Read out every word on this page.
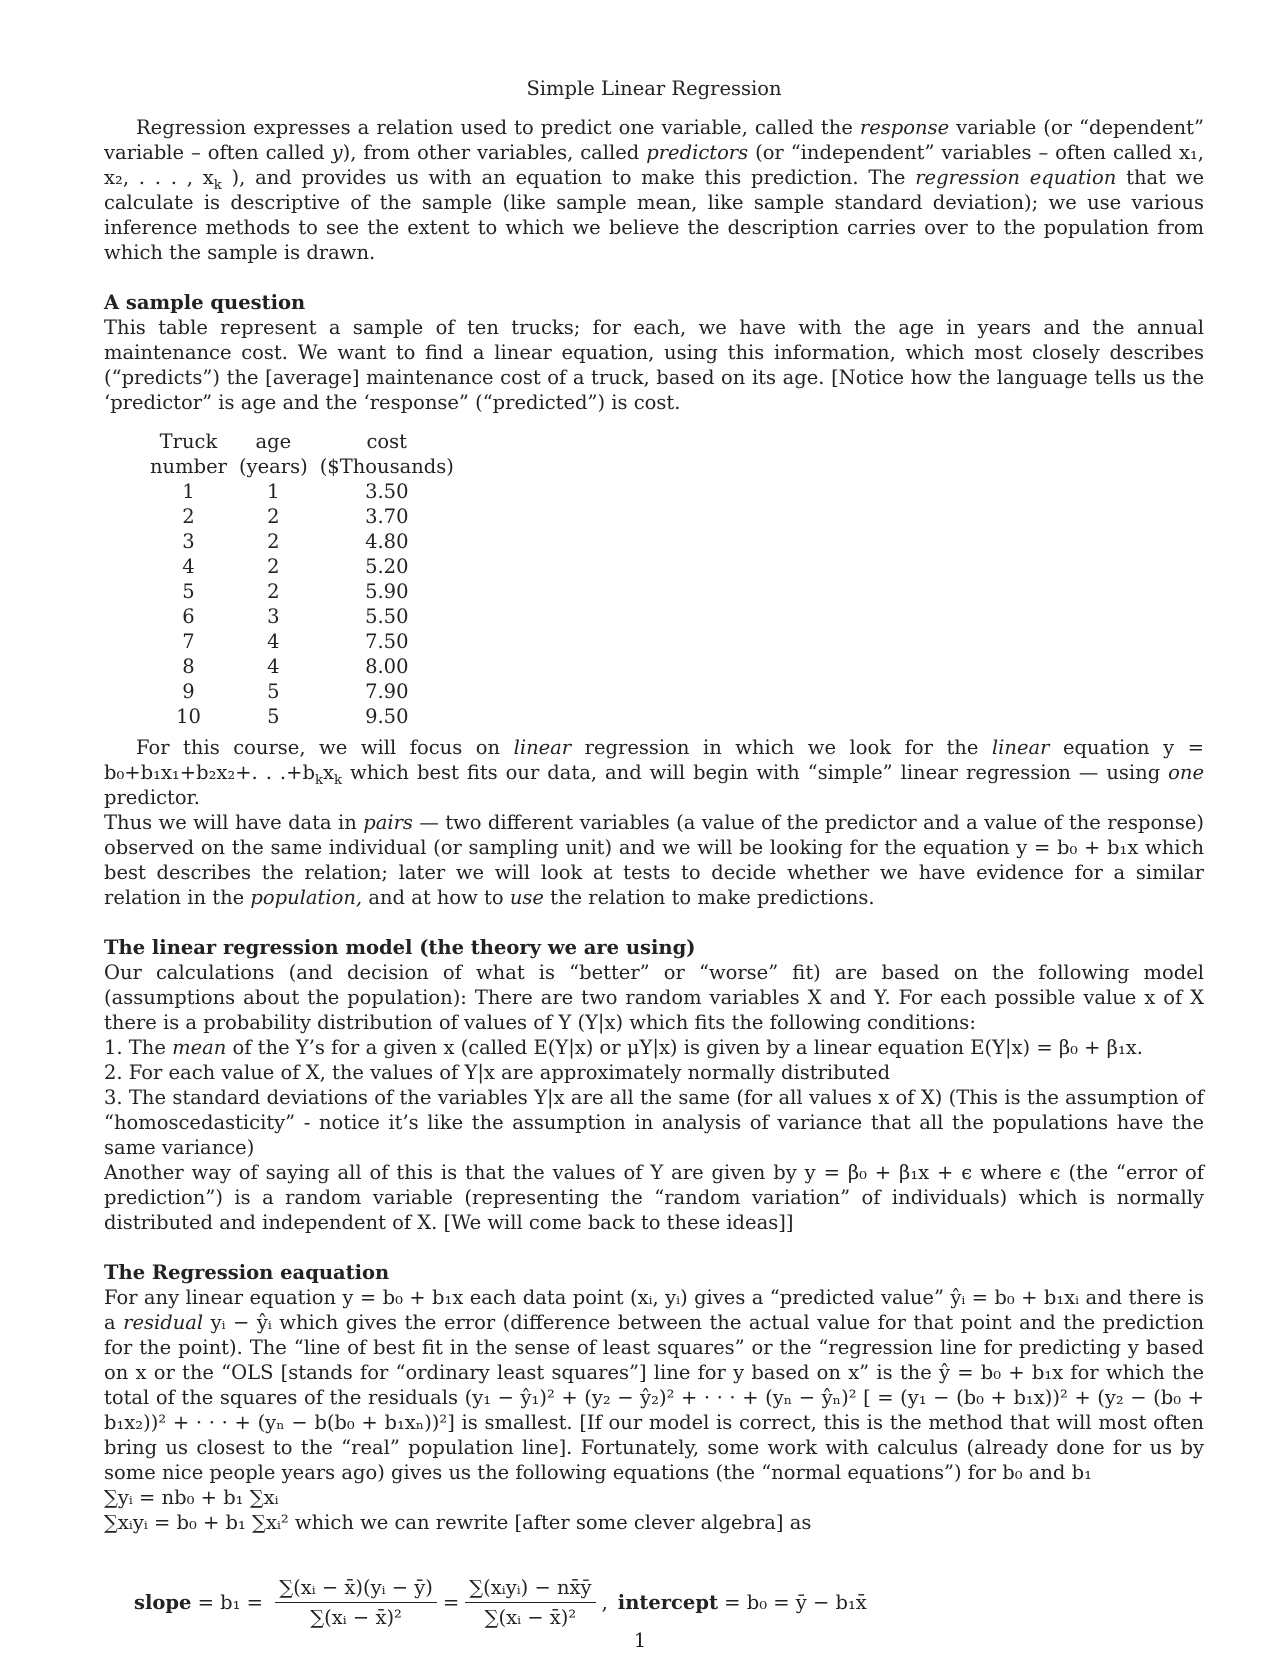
Simple Linear Regression

Regression expresses a relation used to predict one variable, called the response variable (or “dependent” variable – often called y), from other variables, called predictors (or “independent” variables – often called x₁, x₂, . . . , $x_k$ ), and provides us with an equation to make this prediction. The regression equation that we calculate is descriptive of the sample (like sample mean, like sample standard deviation); we use various inference methods to see the extent to which we believe the description carries over to the population from which the sample is drawn.

A sample question

This table represent a sample of ten trucks; for each, we have with the age in years and the annual maintenance cost. We want to find a linear equation, using this information, which most closely describes (“predicts”) the [average] maintenance cost of a truck, based on its age. [Notice how the language tells us the ‘predictor” is age and the ‘response” (“predicted”) is cost.

Truck	age	cost
number	(years)	($Thousands)
1	1	3.50
2	2	3.70
3	2	4.80
4	2	5.20
5	2	5.90
6	3	5.50
7	4	7.50
8	4	8.00
9	5	7.90
10	5	9.50

For this course, we will focus on linear regression in which we look for the linear equation y = b₀+b₁x₁+b₂x₂+. . $.+b_kx_k$ which best fits our data, and will begin with “simple” linear regression — using one predictor.

Thus we will have data in pairs — two different variables (a value of the predictor and a value of the response) observed on the same individual (or sampling unit) and we will be looking for the equation y = b₀ + b₁x which best describes the relation; later we will look at tests to decide whether we have evidence for a similar relation in the population, and at how to use the relation to make predictions.

The linear regression model (the theory we are using)

Our calculations (and decision of what is “better” or “worse” fit) are based on the following model (assumptions about the population): There are two random variables X and Y. For each possible value x of X there is a probability distribution of values of Y (Y|x) which fits the following conditions:

1. The mean of the Y’s for a given x (called E(Y|x) or μY|x) is given by a linear equation E(Y|x) = β₀ + β₁x.

2. For each value of X, the values of Y|x are approximately normally distributed

3. The standard deviations of the variables Y|x are all the same (for all values x of X) (This is the assumption of “homoscedasticity” - notice it’s like the assumption in analysis of variance that all the populations have the same variance)

Another way of saying all of this is that the values of Y are given by y = β₀ + β₁x + ϵ where ϵ (the “error of prediction”) is a random variable (representing the “random variation” of individuals) which is normally distributed and independent of X. [We will come back to these ideas]]

The Regression eaquation

For any linear equation y = b₀ + b₁x each data point (xᵢ, yᵢ) gives a “predicted value” ŷᵢ = b₀ + b₁xᵢ and there is a residual yᵢ − ŷᵢ which gives the error (difference between the actual value for that point and the prediction for the point). The “line of best fit in the sense of least squares” or the “regression line for predicting y based on x or the “OLS [stands for “ordinary least squares”] line for y based on x” is the ŷ = b₀ + b₁x for which the total of the squares of the residuals (y₁ − ŷ₁)² + (y₂ − ŷ₂)² + · · · + (yₙ − ŷₙ)² [ = (y₁ − (b₀ + b₁x))² + (y₂ − (b₀ + b₁x₂))² + · · · + (yₙ − b(b₀ + b₁xₙ))²] is smallest. [If our model is correct, this is the method that will most often bring us closest to the “real” population line]. Fortunately, some work with calculus (already done for us by some nice people years ago) gives us the following equations (the “normal equations”) for b₀ and b₁

∑yᵢ = nb₀ + b₁ ∑xᵢ

∑xᵢyᵢ = b₀ + b₁ ∑xᵢ² which we can rewrite [after some clever algebra] as

slope = $b_1 = \frac{\text{∑(xᵢ − x̄)(yᵢ − ȳ)}}{\text{∑(xᵢ − x̄)²}} = \frac{\text{∑(xᵢyᵢ) − nx̄ȳ}}{\text{∑(xᵢ − x̄)²}}$ , intercept = b₀ = ȳ − b₁x̄
1
